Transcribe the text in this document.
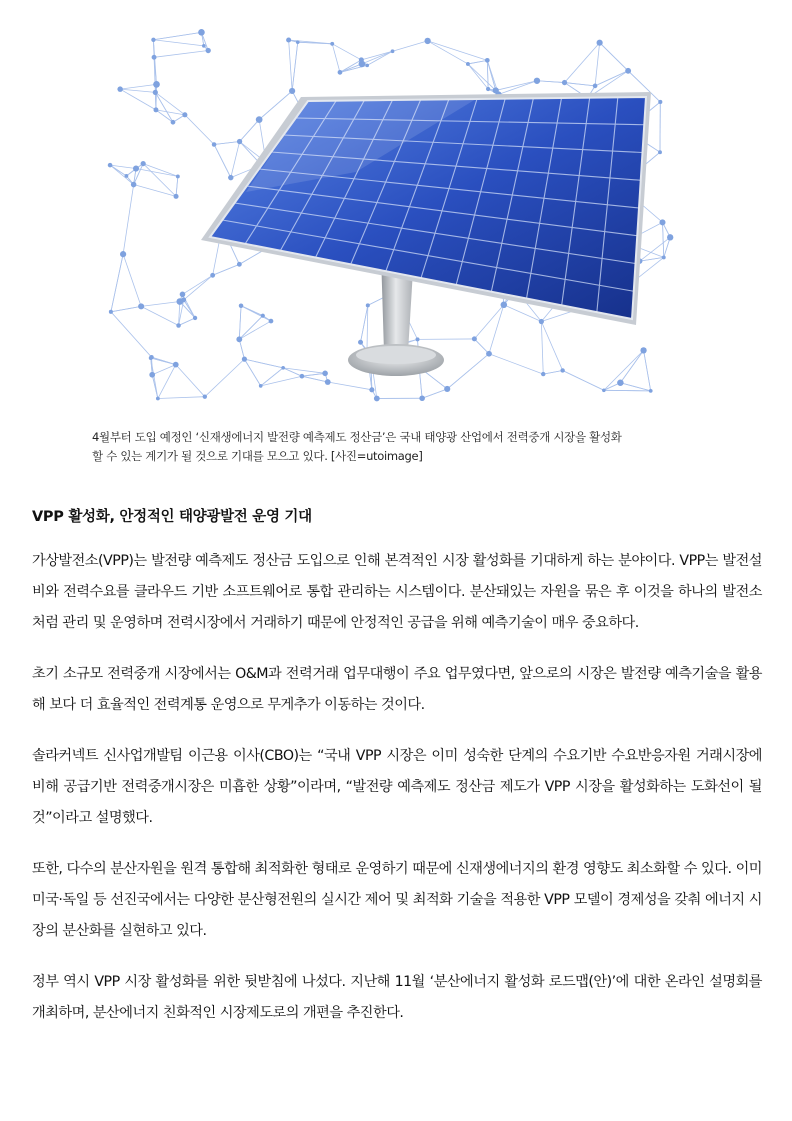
4월부터 도입 예정인 ‘신재생에너지 발전량 예측제도 정산금’은 국내 태양광 산업에서 전력중개 시장을 활성화

할 수 있는 계기가 될 것으로 기대를 모으고 있다. [사진=utoimage]

VPP 활성화, 안정적인 태양광발전 운영 기대

가상발전소(VPP)는 발전량 예측제도 정산금 도입으로 인해 본격적인 시장 활성화를 기대하게 하는 분야이다. VPP는 발전설비와 전력수요를 클라우드 기반 소프트웨어로 통합 관리하는 시스템이다. 분산돼있는 자원을 묶은 후 이것을 하나의 발전소처럼 관리 및 운영하며 전력시장에서 거래하기 때문에 안정적인 공급을 위해 예측기술이 매우 중요하다.

초기 소규모 전력중개 시장에서는 O&M과 전력거래 업무대행이 주요 업무였다면, 앞으로의 시장은 발전량 예측기술을 활용해 보다 더 효율적인 전력계통 운영으로 무게추가 이동하는 것이다.

솔라커넥트 신사업개발팀 이근용 이사(CBO)는 “국내 VPP 시장은 이미 성숙한 단계의 수요기반 수요반응자원 거래시장에 비해 공급기반 전력중개시장은 미흡한 상황”이라며, “발전량 예측제도 정산금 제도가 VPP 시장을 활성화하는 도화선이 될 것”이라고 설명했다.

또한, 다수의 분산자원을 원격 통합해 최적화한 형태로 운영하기 때문에 신재생에너지의 환경 영향도 최소화할 수 있다. 이미 미국·독일 등 선진국에서는 다양한 분산형전원의 실시간 제어 및 최적화 기술을 적용한 VPP 모델이 경제성을 갖춰 에너지 시장의 분산화를 실현하고 있다.

정부 역시 VPP 시장 활성화를 위한 뒷받침에 나섰다. 지난해 11월 ‘분산에너지 활성화 로드맵(안)’에 대한 온라인 설명회를 개최하며, 분산에너지 친화적인 시장제도로의 개편을 추진한다.
